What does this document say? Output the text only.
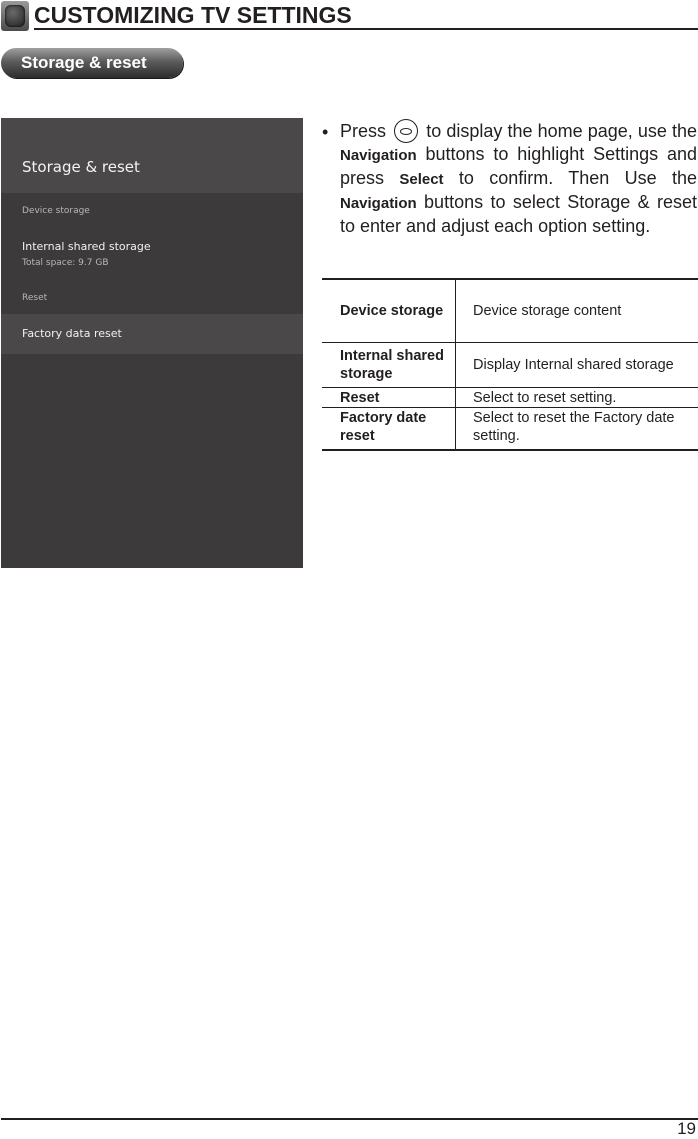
CUSTOMIZING TV SETTINGS
Storage & reset
Storage & reset
Device storage
Internal shared storage
Total space: 9.7 GB
Reset
Factory data reset
• Press to display the home page, use the Navigation buttons to highlight Settings and press Select to confirm. Then Use the Navigation buttons to select Storage & reset to enter and adjust each option setting.
Device storage	Device storage content
Internal shared storage	Display Internal shared storage
Reset	Select to reset setting.
Factory date reset	Select to reset the Factory date setting.
19
